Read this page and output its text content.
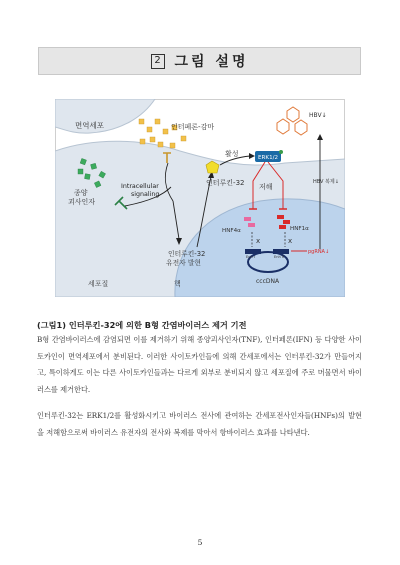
2 그림 설명
면역세포
핵
세포질
인터페론-감마
종양
괴사인자
Intracellular
signaling
인터루킨-32
유전자 발현
인터루킨-32
활성	ERK1/2
저해
HNF4α	HNF1α
x	x
Enh I	Enh II
cccDNA
pgRNA↓
HBV 복제↓
HBV↓
(그림1) 인터루킨-32에 의한 B형 간염바이러스 제거 기전

B형 간염바이러스에 감염되면 이를 제거하기 위해 종양괴사인자(TNF), 인터페론(IFN) 등 다양한 사이토카인이 면역세포에서 분비된다. 이러한 사이토카인들에 의해 간세포에서는 인터루킨-32가 만들어지고, 특이하게도 이는 다른 사이토카인들과는 다르게 외부로 분비되지 않고 세포질에 주로 머물면서 바이러스를 제거한다.

인터루킨-32는 ERK1/2를 활성화시키고 바이러스 전사에 관여하는 간세포전사인자들(HNFs)의 발현을 저해함으로써 바이러스 유전자의 전사와 복제를 막아서 항바이러스 효과를 나타낸다.

5
